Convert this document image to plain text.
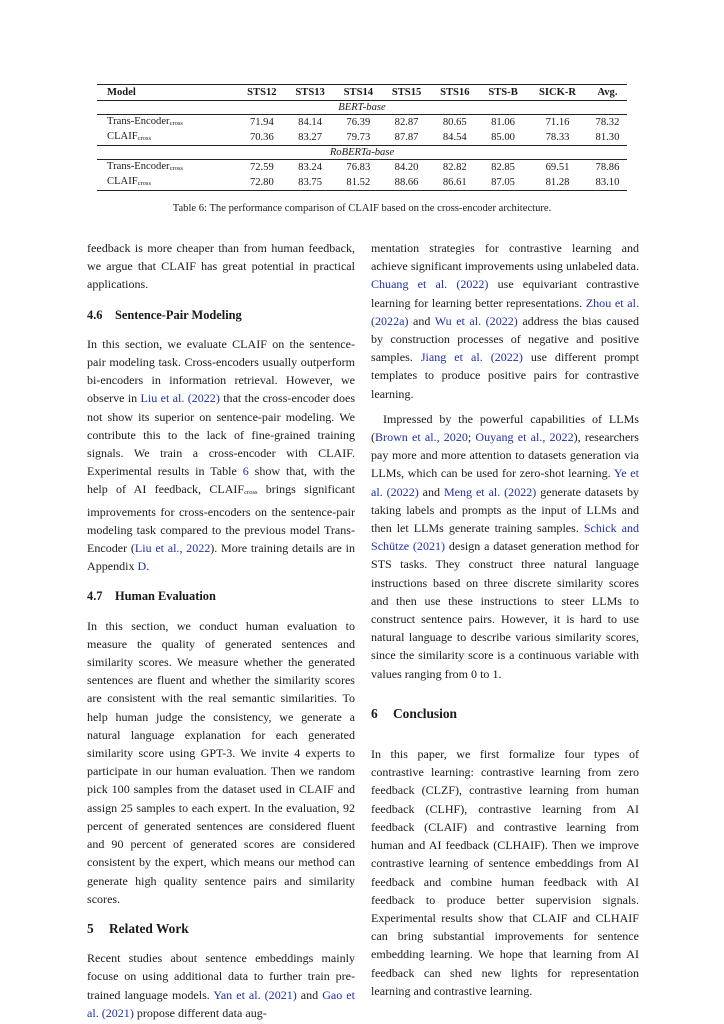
Model	STS12	STS13	STS14	STS15	STS16	STS-B	SICK-R	Avg.
BERT-base								
Trans-Encodercross	71.94	84.14	76.39	82.87	80.65	81.06	71.16	78.32
CLAIFcross	70.36	83.27	79.73	87.87	84.54	85.00	78.33	81.30
RoBERTa-base								
Trans-Encodercross	72.59	83.24	76.83	84.20	82.82	82.85	69.51	78.86
CLAIFcross	72.80	83.75	81.52	88.66	86.61	87.05	81.28	83.10
Table 6: The performance comparison of CLAIF based on the cross-encoder architecture.

feedback is more cheaper than from human feedback, we argue that CLAIF has great potential in practical applications.

4.6 Sentence-Pair Modeling

In this section, we evaluate CLAIF on the sentence-pair modeling task. Cross-encoders usually outperform bi-encoders in information retrieval. However, we observe in Liu et al. (2022) that the cross-encoder does not show its superior on sentence-pair modeling. We contribute this to the lack of fine-grained training signals. We train a cross-encoder with CLAIF. Experimental results in Table 6 show that, with the help of AI feedback, CLAIFcross brings significant improvements for cross-encoders on the sentence-pair modeling task compared to the previous model Trans-Encoder (Liu et al., 2022). More training details are in Appendix D.

4.7 Human Evaluation

In this section, we conduct human evaluation to measure the quality of generated sentences and similarity scores. We measure whether the generated sentences are fluent and whether the similarity scores are consistent with the real semantic similarities. To help human judge the consistency, we generate a natural language explanation for each generated similarity score using GPT-3. We invite 4 experts to participate in our human evaluation. Then we random pick 100 samples from the dataset used in CLAIF and assign 25 samples to each expert. In the evaluation, 92 percent of generated sentences are considered fluent and 90 percent of generated scores are considered consistent by the expert, which means our method can generate high quality sentence pairs and similarity scores.

5 Related Work

Recent studies about sentence embeddings mainly focuse on using additional data to further train pre-trained language models. Yan et al. (2021) and Gao et al. (2021) propose different data aug-

mentation strategies for contrastive learning and achieve significant improvements using unlabeled data. Chuang et al. (2022) use equivariant contrastive learning for learning better representations. Zhou et al. (2022a) and Wu et al. (2022) address the bias caused by construction processes of negative and positive samples. Jiang et al. (2022) use different prompt templates to produce positive pairs for contrastive learning.

Impressed by the powerful capabilities of LLMs (Brown et al., 2020; Ouyang et al., 2022), researchers pay more and more attention to datasets generation via LLMs, which can be used for zero-shot learning. Ye et al. (2022) and Meng et al. (2022) generate datasets by taking labels and prompts as the input of LLMs and then let LLMs generate training samples. Schick and Schütze (2021) design a dataset generation method for STS tasks. They construct three natural language instructions based on three discrete similarity scores and then use these instructions to steer LLMs to construct sentence pairs. However, it is hard to use natural language to describe various similarity scores, since the similarity score is a continuous variable with values ranging from 0 to 1.

6 Conclusion

In this paper, we first formalize four types of contrastive learning: contrastive learning from zero feedback (CLZF), contrastive learning from human feedback (CLHF), contrastive learning from AI feedback (CLAIF) and contrastive learning from human and AI feedback (CLHAIF). Then we improve contrastive learning of sentence embeddings from AI feedback and combine human feedback with AI feedback to produce better supervision signals. Experimental results show that CLAIF and CLHAIF can bring substantial improvements for sentence embedding learning. We hope that learning from AI feedback can shed new lights for representation learning and contrastive learning.
